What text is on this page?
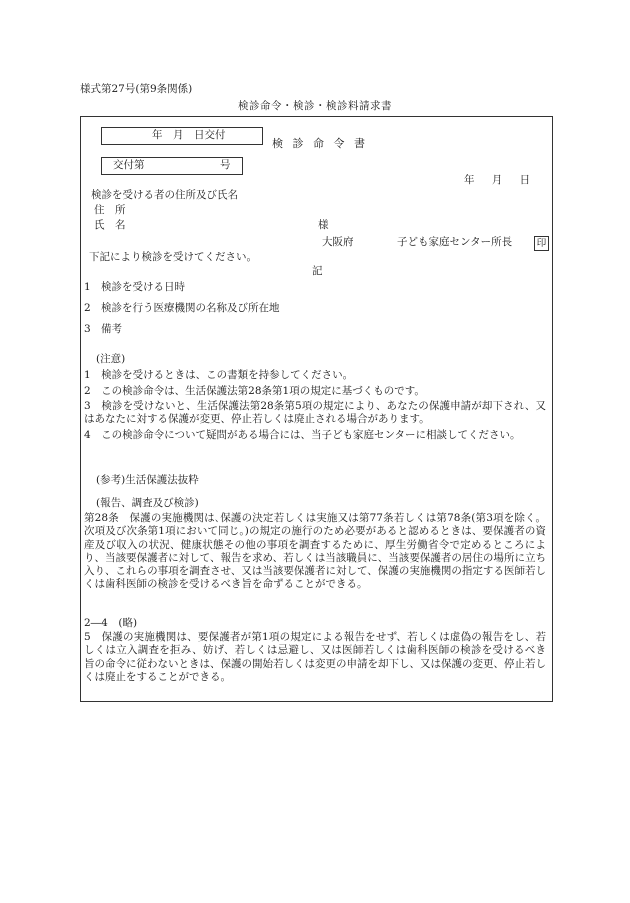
様式第27号(第9条関係)
検診命令・検診・検診料請求書
年　月　日交付
交付第	号
検 診 命 令 書
年 月 日
検診を受ける者の住所及び氏名
住　所
氏　名	様
大阪府	子ども家庭センター所長	印
下記により検診を受けてください。
記
1 検診を受ける日時
2 検診を行う医療機関の名称及び所在地
3 備考
(注意)
1　検診を受けるときは、この書類を持参してください。
2　この検診命令は、生活保護法第28条第1項の規定に基づくものです。
3　検診を受けないと、生活保護法第28条第5項の規定により、あなたの保護申請が却下され、又はあなたに対する保護が変更、停止若しくは廃止される場合があります。
4　この検診命令について疑問がある場合には、当子ども家庭センターに相談してください。
(参考)生活保護法抜粋
(報告、調査及び検診)
第28条　保護の実施機関は､保護の決定若しくは実施又は第77条若しくは第78条(第3項を除く。次項及び次条第1項において同じ。)の規定の施行のため必要があると認めるときは、要保護者の資産及び収入の状況、健康状態その他の事項を調査するために、厚生労働省令で定めるところにより、当該要保護者に対して、報告を求め、若しくは当該職員に、当該要保護者の居住の場所に立ち入り、これらの事項を調査させ、又は当該要保護者に対して、保護の実施機関の指定する医師若しくは歯科医師の検診を受けるべき旨を命ずることができる。
2―4　(略)
5　保護の実施機関は、要保護者が第1項の規定による報告をせず、若しくは虚偽の報告をし、若しくは立入調査を拒み、妨げ、若しくは忌避し、又は医師若しくは歯科医師の検診を受けるべき旨の命令に従わないときは、保護の開始若しくは変更の申請を却下し、又は保護の変更、停止若しくは廃止をすることができる。
